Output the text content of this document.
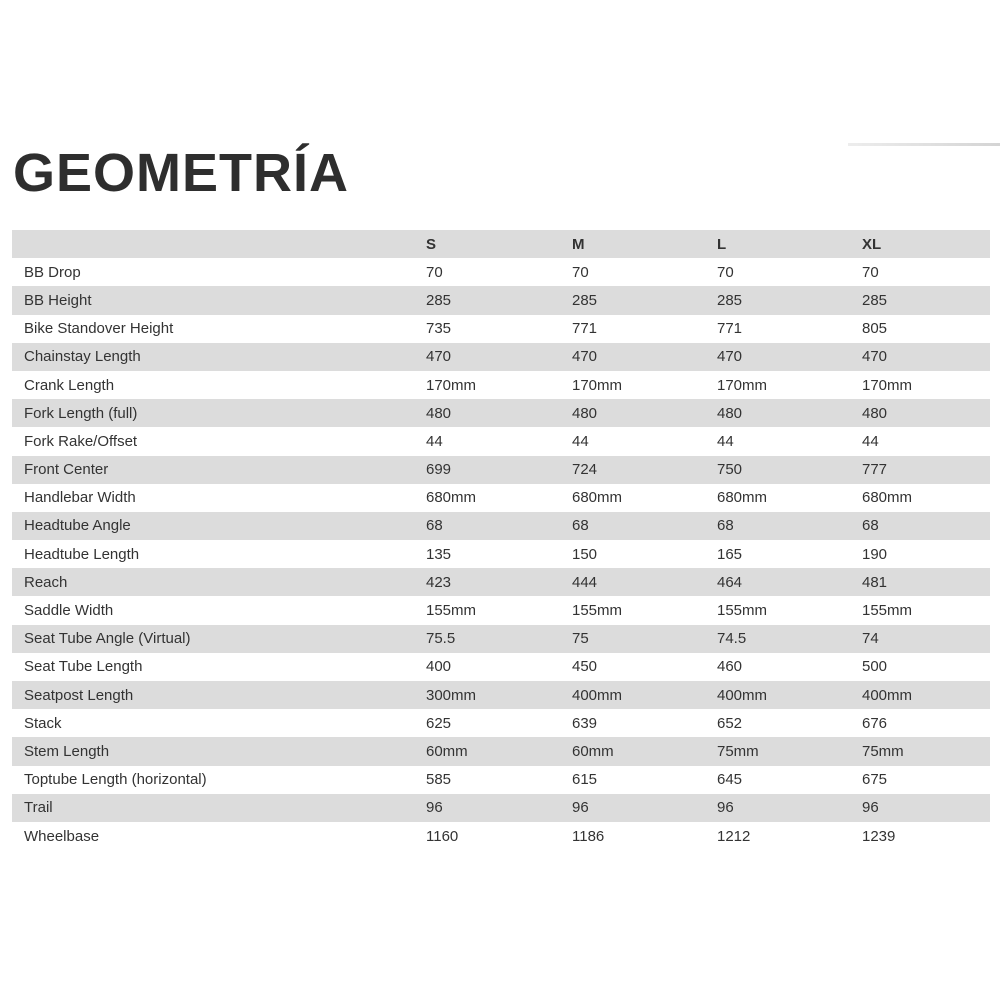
GEOMETRÍA
	S	M	L	XL
BB Drop	70	70	70	70
BB Height	285	285	285	285
Bike Standover Height	735	771	771	805
Chainstay Length	470	470	470	470
Crank Length	170mm	170mm	170mm	170mm
Fork Length (full)	480	480	480	480
Fork Rake/Offset	44	44	44	44
Front Center	699	724	750	777
Handlebar Width	680mm	680mm	680mm	680mm
Headtube Angle	68	68	68	68
Headtube Length	135	150	165	190
Reach	423	444	464	481
Saddle Width	155mm	155mm	155mm	155mm
Seat Tube Angle (Virtual)	75.5	75	74.5	74
Seat Tube Length	400	450	460	500
Seatpost Length	300mm	400mm	400mm	400mm
Stack	625	639	652	676
Stem Length	60mm	60mm	75mm	75mm
Toptube Length (horizontal)	585	615	645	675
Trail	96	96	96	96
Wheelbase	1160	1186	1212	1239
